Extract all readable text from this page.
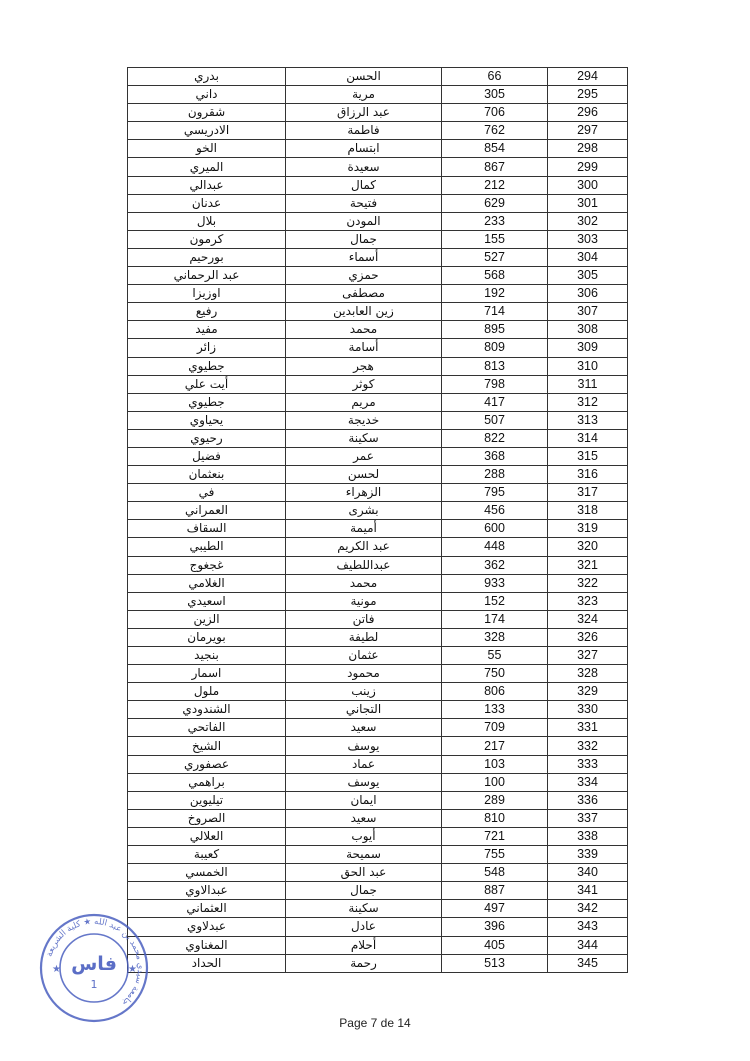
بدري	الحسن	66	294
داني	مرية	305	295
شقرون	عبد الرزاق	706	296
الادريسي	فاطمة	762	297
الخو	ابتسام	854	298
الميري	سعيدة	867	299
عبدالي	كمال	212	300
عدنان	فتيحة	629	301
بلال	المودن	233	302
كرمون	جمال	155	303
بورحيم	أسماء	527	304
عبد الرحماني	حمزي	568	305
اوزيزا	مصطفى	192	306
رفيع	زين العابدين	714	307
مفيد	محمد	895	308
زائر	أسامة	809	309
جطيوي	هجر	813	310
أيت علي	كوثر	798	311
جطيوي	مريم	417	312
يحياوي	خديجة	507	313
رحيوي	سكينة	822	314
فضيل	عمر	368	315
بنعثمان	لحسن	288	316
في	الزهراء	795	317
العمراني	بشرى	456	318
السقاف	أميمة	600	319
الطيبي	عبد الكريم	448	320
غجغوج	عبداللطيف	362	321
الغلامي	محمد	933	322
اسعيدي	مونية	152	323
الزين	فاتن	174	324
بويرمان	لطيفة	328	326
بنجيد	عثمان	55	327
اسمار	محمود	750	328
ملول	زينب	806	329
الشندودي	التجاني	133	330
الفاتحي	سعيد	709	331
الشيخ	يوسف	217	332
عصفوري	عماد	103	333
براهمي	يوسف	100	334
تيليوين	ايمان	289	336
الصروخ	سعيد	810	337
العلالي	أيوب	721	338
كعيبة	سميحة	755	339
الخمسي	عبد الحق	548	340
عبدالاوي	جمال	887	341
العثماني	سكينة	497	342
عبدلاوي	عادل	396	343
المغناوي	أحلام	405	344
الحداد	رحمة	513	345
جامعة سيدي محمد بن عبد الله ★ كلية الشريعة
فاس
1
★	★
Page 7 de 14
